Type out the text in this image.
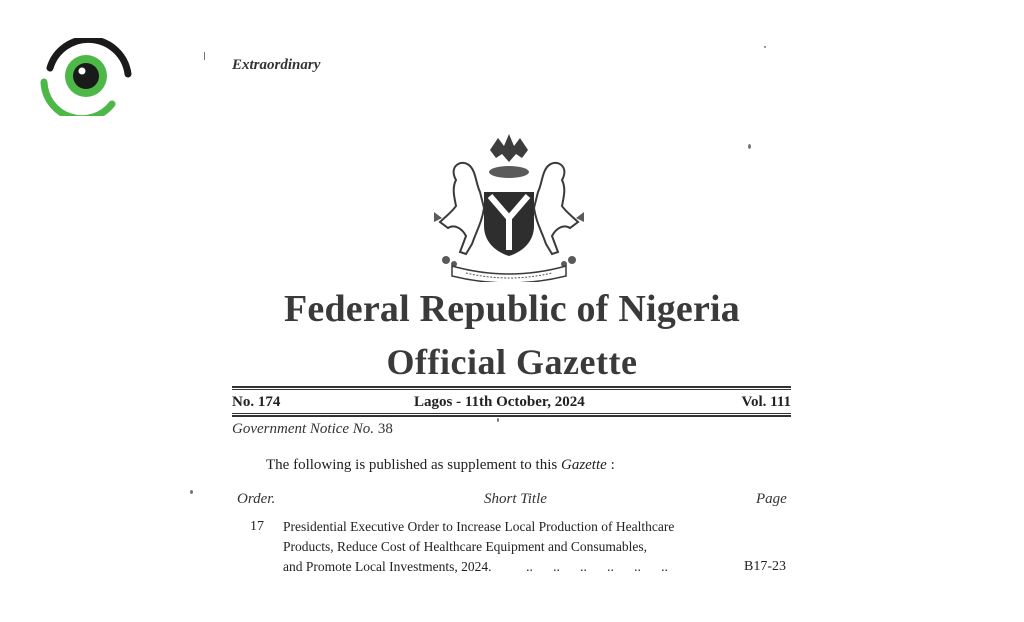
Extraordinary
Federal Republic of Nigeria
Official Gazette
No. 174	Lagos - 11th October, 2024	Vol. 111
Government Notice No. 38
The following is published as supplement to this Gazette :
Order.	Short Title	Page
17 Presidential Executive Order to Increase Local Production of Healthcare
Products, Reduce Cost of Healthcare Equipment and Consumables,
and Promote Local Investments, 2024. ..      ..      ..      ..      ..      ..	B17-23
